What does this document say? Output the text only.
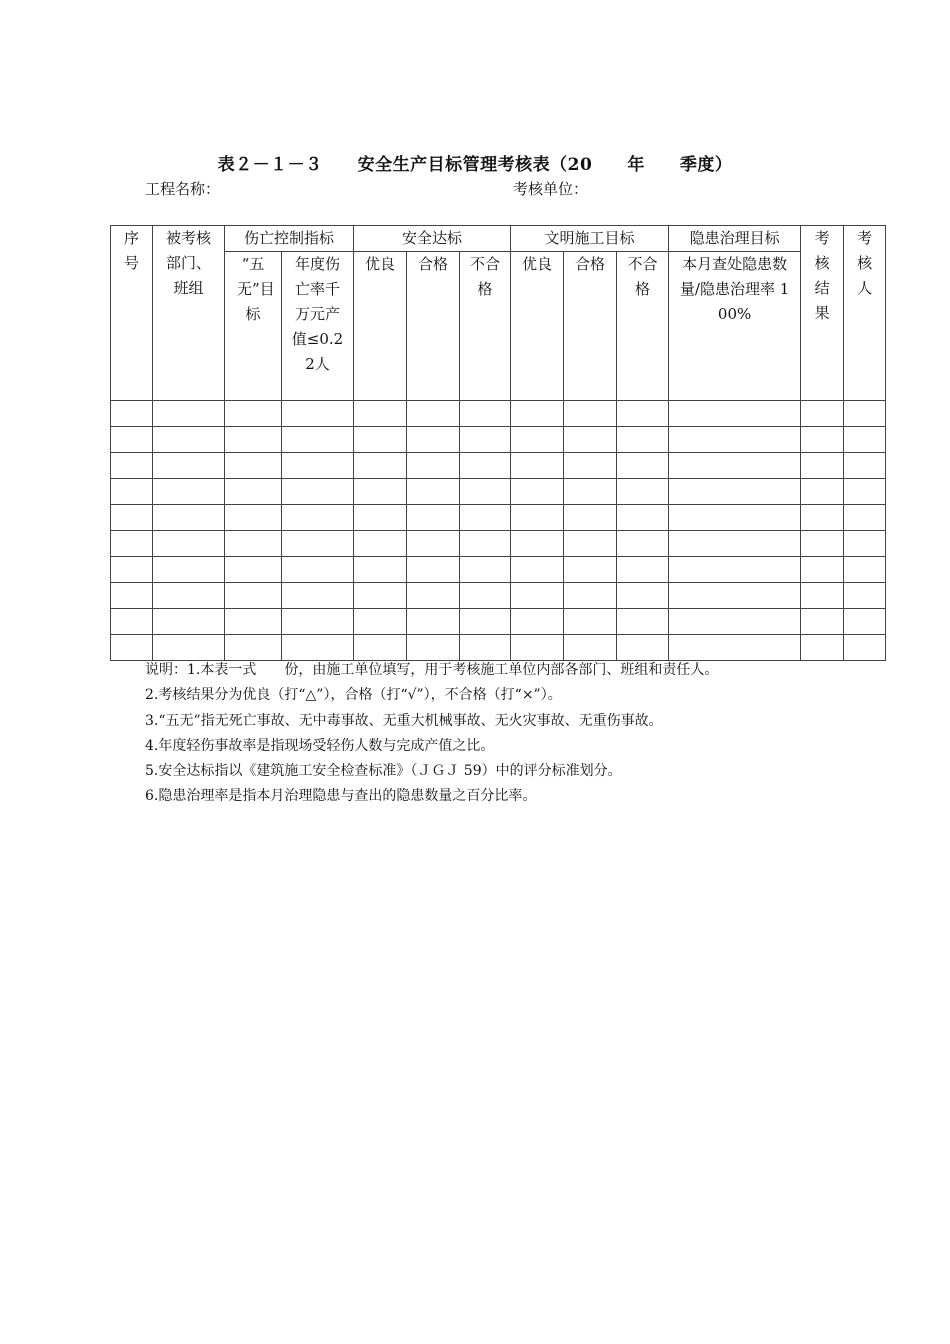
表２－１－３　　安全生产目标管理考核表（20　　年　　季度）
工程名称：	考核单位：
序号	被考核部门、班组	伤亡控制指标		安全达标			文明施工目标			隐患治理目标	考核结果	考核人
		“五无”目标	年度伤亡率千万元产值≤0.22人	优良	合格	不合格	优良	合格	不合格	本月查处隐患数量/隐患治理率 100%		

说明：1.本表一式　　份，由施工单位填写，用于考核施工单位内部各部门、班组和责任人。
2.考核结果分为优良（打“△”），合格（打“√”），不合格（打“×”）。
3.“五无”指无死亡事故、无中毒事故、无重大机械事故、无火灾事故、无重伤事故。
4.年度轻伤事故率是指现场受轻伤人数与完成产值之比。
5.安全达标指以《建筑施工安全检查标准》（ＪＧＪ 59）中的评分标准划分。
6.隐患治理率是指本月治理隐患与查出的隐患数量之百分比率。
